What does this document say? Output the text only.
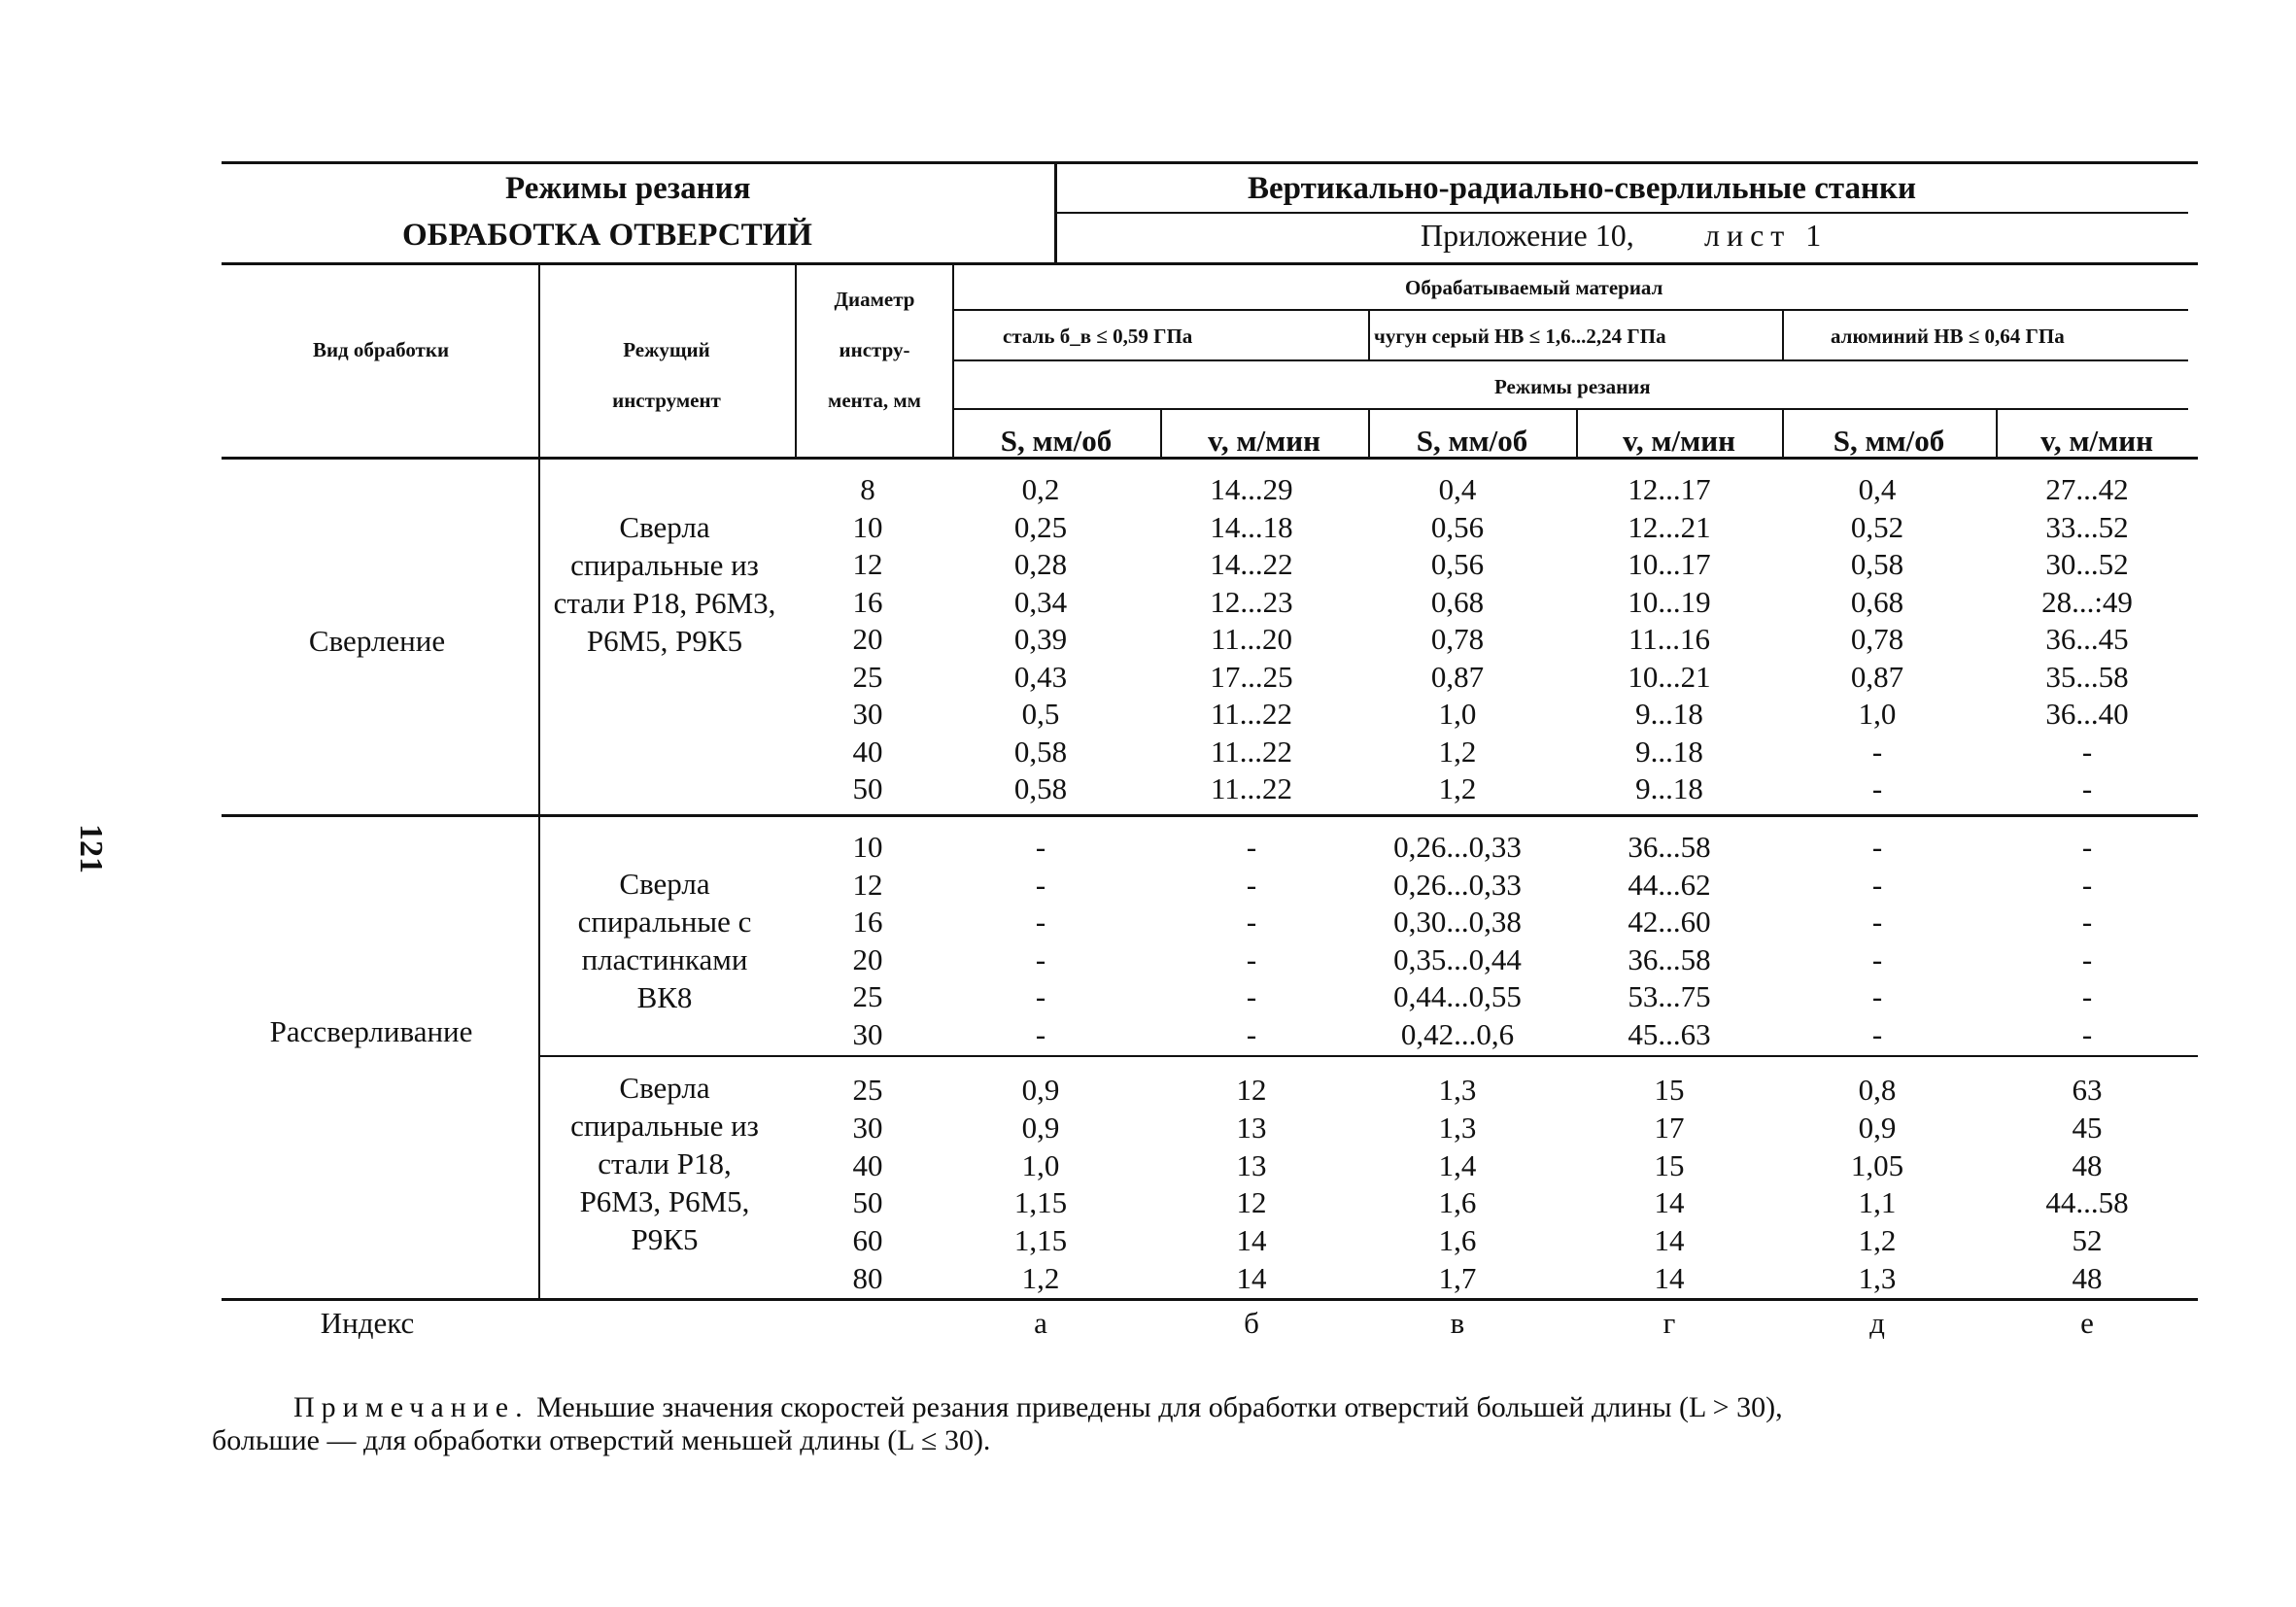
121
Режимы резания
ОБРАБОТКА ОТВЕРСТИЙ
Вертикально-радиально-сверлильные станки
Приложение 10, лист 1
Вид обработки	Режущий инструмент
Диаметр инстру- мента, мм
Обрабатываемый материал
сталь б_в ≤ 0,59 ГПа	чугун серый НВ ≤ 1,6...2,24 ГПа	алюминий НВ ≤ 0,64 ГПа
Режимы резания
S, мм/об	v, м/мин	S, мм/об	v, м/мин	S, мм/об	v, м/мин
Сверление
Сверла спиральные из стали Р18, Р6М3, Р6М5, Р9К5
Рассверливание
Сверла спиральные с пластинками ВК8
Сверла спиральные из стали Р18, Р6М3, Р6М5, Р9К5
8	0,2	14...29	0,4	12...17	0,4	27...42
10	0,25	14...18	0,56	12...21	0,52	33...52
12	0,28	14...22	0,56	10...17	0,58	30...52
16	0,34	12...23	0,68	10...19	0,68	28...:49
20	0,39	11...20	0,78	11...16	0,78	36...45
25	0,43	17...25	0,87	10...21	0,87	35...58
30	0,5	11...22	1,0	9...18	1,0	36...40
40	0,58	11...22	1,2	9...18	-	-
50	0,58	11...22	1,2	9...18	-	-
10	-	-	0,26...0,33	36...58	-	-
12	-	-	0,26...0,33	44...62	-	-
16	-	-	0,30...0,38	42...60	-	-
20	-	-	0,35...0,44	36...58	-	-
25	-	-	0,44...0,55	53...75	-	-
30	-	-	0,42...0,6	45...63	-	-
25	0,9	12	1,3	15	0,8	63
30	0,9	13	1,3	17	0,9	45
40	1,0	13	1,4	15	1,05	48
50	1,15	12	1,6	14	1,1	44...58
60	1,15	14	1,6	14	1,2	52
80	1,2	14	1,7	14	1,3	48
Индекс	а	б	в	г	д	е
Примечание. Меньшие значения скоростей резания приведены для обработки отверстий большей длины (L > 30),
большие — для обработки отверстий меньшей длины (L ≤ 30).
